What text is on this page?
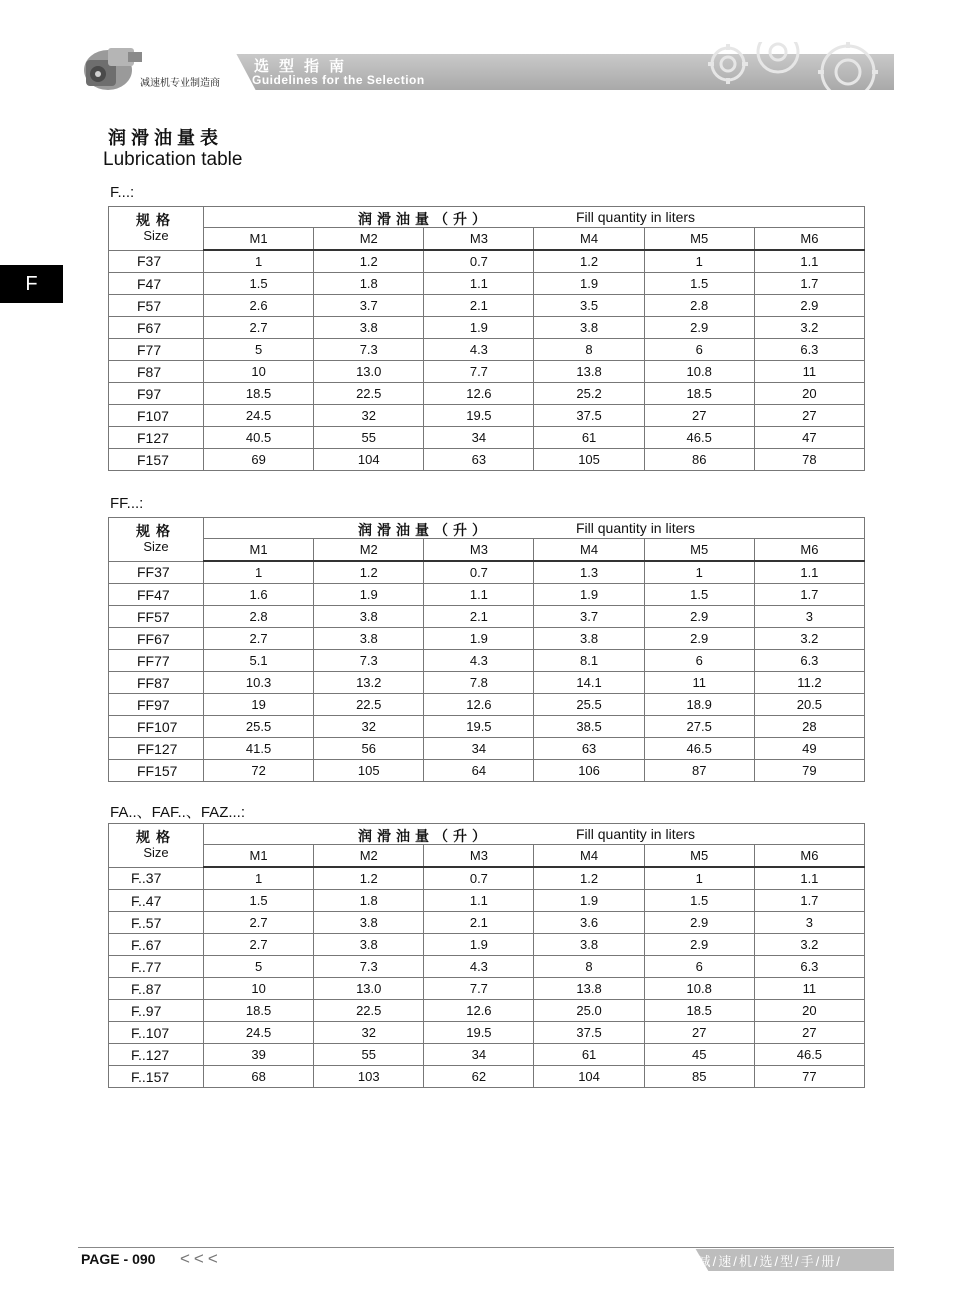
减速机专业制造商
选型指南
Guidelines for the Selection
F
润滑油量表
Lubrication table
F...:
规格
Size	润滑油量（升） Fill quantity in liters					

	M1	M2	M3	M4	M5	M6
F37	1	1.2	0.7	1.2	1	1.1
F47	1.5	1.8	1.1	1.9	1.5	1.7
F57	2.6	3.7	2.1	3.5	2.8	2.9
F67	2.7	3.8	1.9	3.8	2.9	3.2
F77	5	7.3	4.3	8	6	6.3
F87	10	13.0	7.7	13.8	10.8	11
F97	18.5	22.5	12.6	25.2	18.5	20
F107	24.5	32	19.5	37.5	27	27
F127	40.5	55	34	61	46.5	47
F157	69	104	63	105	86	78
FF...:
规格
Size	润滑油量（升） Fill quantity in liters					

	M1	M2	M3	M4	M5	M6
FF37	1	1.2	0.7	1.3	1	1.1
FF47	1.6	1.9	1.1	1.9	1.5	1.7
FF57	2.8	3.8	2.1	3.7	2.9	3
FF67	2.7	3.8	1.9	3.8	2.9	3.2
FF77	5.1	7.3	4.3	8.1	6	6.3
FF87	10.3	13.2	7.8	14.1	11	11.2
FF97	19	22.5	12.6	25.5	18.9	20.5
FF107	25.5	32	19.5	38.5	27.5	28
FF127	41.5	56	34	63	46.5	49
FF157	72	105	64	106	87	79
FA..、FAF..、FAZ...:
规格
Size	润滑油量（升） Fill quantity in liters					

	M1	M2	M3	M4	M5	M6
F..37	1	1.2	0.7	1.2	1	1.1
F..47	1.5	1.8	1.1	1.9	1.5	1.7
F..57	2.7	3.8	2.1	3.6	2.9	3
F..67	2.7	3.8	1.9	3.8	2.9	3.2
F..77	5	7.3	4.3	8	6	6.3
F..87	10	13.0	7.7	13.8	10.8	11
F..97	18.5	22.5	12.6	25.0	18.5	20
F..107	24.5	32	19.5	37.5	27	27
F..127	39	55	34	61	45	46.5
F..157	68	103	62	104	85	77
PAGE - 090 <<<	/减/速/机/选/型/手/册/
